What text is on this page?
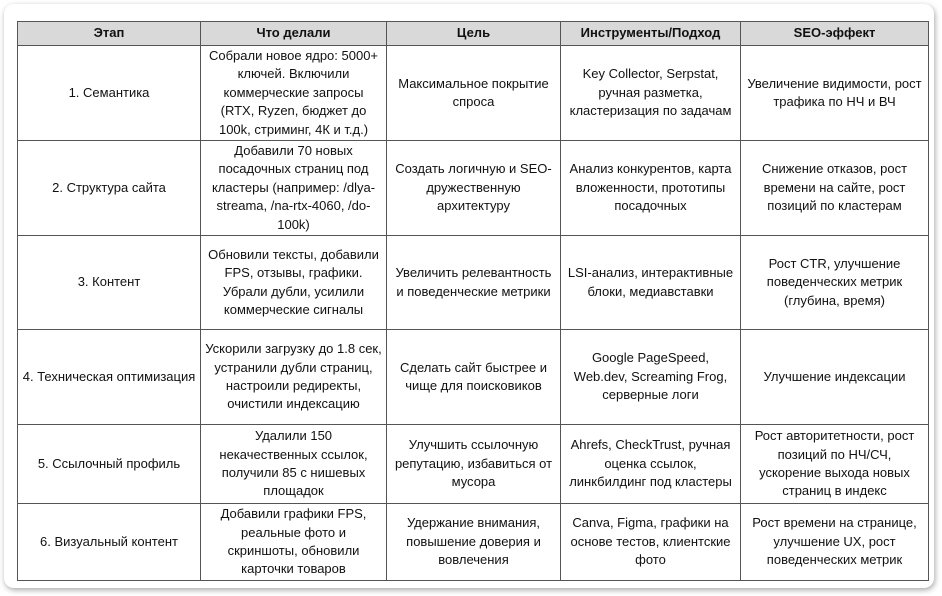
Этап	Что делали	Цель	Инструменты/Подход	SEO-эффект
1. Семантика	Собрали новое ядро: 5000+ ключей. Включили коммерческие запросы (RTX, Ryzen, бюджет до 100k, стриминг, 4К и т.д.)	Максимальное покрытие спроса	Key Collector, Serpstat, ручная разметка, кластеризация по задачам	Увеличение видимости, рост трафика по НЧ и ВЧ
2. Структура сайта	Добавили 70 новых посадочных страниц под кластеры (например: /dlya-streama, /na-rtx-4060, /do-100k)	Создать логичную и SEO-дружественную архитектуру	Анализ конкурентов, карта вложенности, прототипы посадочных	Снижение отказов, рост времени на сайте, рост позиций по кластерам
3. Контент	Обновили тексты, добавили FPS, отзывы, графики. Убрали дубли, усилили коммерческие сигналы	Увеличить релевантность и поведенческие метрики	LSI-анализ, интерактивные блоки, медиавставки	Рост CTR, улучшение поведенческих метрик (глубина, время)
4. Техническая оптимизация	Ускорили загрузку до 1.8 сек, устранили дубли страниц, настроили редиректы, очистили индексацию	Сделать сайт быстрее и чище для поисковиков	Google PageSpeed, Web.dev, Screaming Frog, серверные логи	Улучшение индексации
5. Ссылочный профиль	Удалили 150 некачественных ссылок, получили 85 с нишевых площадок	Улучшить ссылочную репутацию, избавиться от мусора	Ahrefs, CheckTrust, ручная оценка ссылок, линкбилдинг под кластеры	Рост авторитетности, рост позиций по НЧ/СЧ, ускорение выхода новых страниц в индекс
6. Визуальный контент	Добавили графики FPS, реальные фото и скриншоты, обновили карточки товаров	Удержание внимания, повышение доверия и вовлечения	Canva, Figma, графики на основе тестов, клиентские фото	Рост времени на странице, улучшение UX, рост поведенческих метрик
